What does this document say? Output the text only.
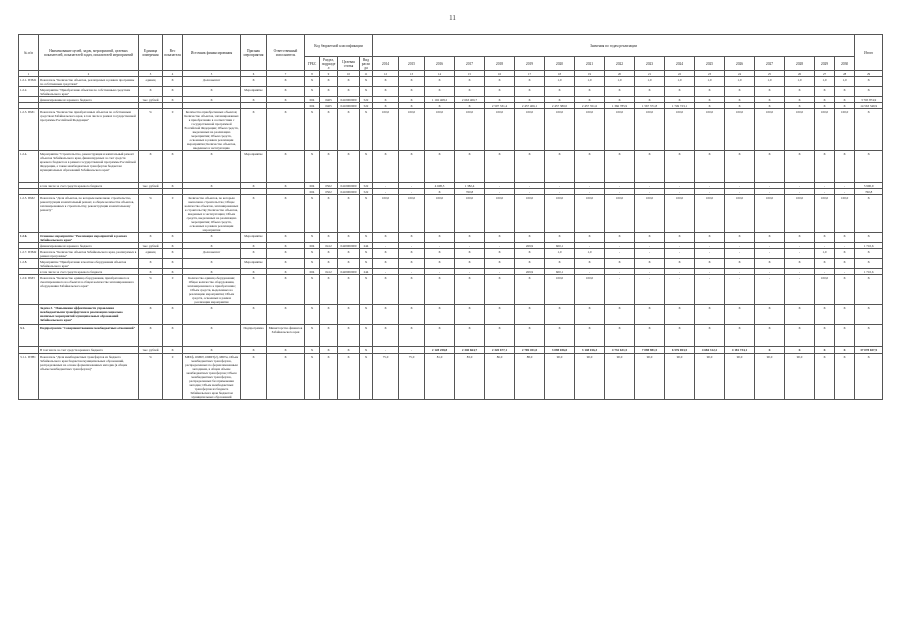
11
№ п/п	Наименование целей, задач, мероприятий, целевых показателей, показателей задач, показателей мероприятий	Единица измерения	Вес показателя	Источник финансирования	Признак мероприятия	Ответственный исполнитель	Код бюджетной классификации				Значения по годам реализации																	Итого
							ГРБС	Раздел, подраздел	Целевая статья	Вид расхода	2014	2015	2016	2017	2018	2019	2020	2021	2022	2023	2024	2025	2026	2027	2028	2029	2030	
1	2	3	4	5	6	7	8	9	10	11	12	13	14	15	16	17	18	19	20	21	22	23	24	25	26	27	28	29
1.2.1. ПЗМ1	Показатель "Количество объектов, реализуемых в рамках программы по собственным средствам"	единиц	X	Доля выплат	X	X	X	X	X	X	X	X	X	X	X	X	1,0	1,0	1,0	1,0	1,0	1,0	1,0	1,0	1,0	1,0	1,0	X
1.2.2.	Мероприятие "Приобретение объектов по собственным средствам Забайкальского края"	X	X	X	Мероприятие	X	X	X	X	X	X	X	X	X	X	X	X	X	X	X	X	X	X	X	X	X	X	X
	финансирование из краевого бюджета	тыс. рублей	X	X	X	X	004	0405	0410000000	522	X	X	1 102 468,2	2 663 406,7	X	X	X	X	X	X	X	X	X	X	X	X	X	3 765 874,9
							004	0405	0410000000	522	X	X	X	X	2 507 331,4	2 457 406,1	2 457 380,0	2 457 351,6	1 366 785,9	1 567 371,8	1 749 723,1	X	X	X	X	X	X	14 563 349,9
1.2.3. ПМ1	Показатель "Количество приобретенных объектов по собственным средствам Забайкальского края, в том числе в рамках государственной программы Российской Федерации"	%	0	Количество приобретенных объектов; Количество объектов, запланированных к приобретению в соответствии с государственной программой Российской Федерации; Объем средств, выделенных на реализацию мероприятия; Объем средств, освоенных в рамках реализации мероприятия; Количество объектов, введенных в эксплуатацию	X	X	X	X	X	X	100,0	100,0	100,0	100,0	100,0	100,0	100,0	100,0	100,0	100,0	100,0	100,0	100,0	100,0	100,0	100,0	100,0	X
1.2.4.	Мероприятие "Строительство, реконструкция и капитальный ремонт объектов Забайкальского края, финансируемых за счет средств краевого бюджета и в рамках государственной программы Российской Федерации, а также межбюджетных трансфертов бюджетам муниципальных образований Забайкальского края"	X	X	X	Мероприятие	X	X	X	X	X	X	X	X	X	X	X	X	X	X	X	X	X	X	X	X	X	X	X
	в том числе за счет средств краевого бюджета	тыс. рублей	X	X	X	X	004	0502	0410000000	522	-	-	4 608,5	1 382,4	-	-	-	-	-	-	-	-	-	-	-	-	-	5 990,9
							004	0502	0410000000	522	-	-	X	760,8	-	-	-	-	-	-	-	-	-	-	-	-	-	760,8
1.2.5. ПМ2	Показатель "Доля объектов, по которым выполнено строительство, реконструкция и капитальный ремонт, в общем количестве объектов, запланированных к строительству, реконструкции и капитальному ремонту"	%	0	Количество объектов, по которым выполнено строительство; Общее количество объектов, запланированных к строительству; Количество объектов, введенных в эксплуатацию; Объем средств, выделенных на реализацию мероприятия; Объем средств, освоенных в рамках реализации мероприятия	X	X	X	X	X	X	100,0	100,0	100,0	100,0	100,0	100,0	100,0	100,0	100,0	100,0	100,0	100,0	100,0	100,0	100,0	100,0	100,0	X
1.2.6.	Основное мероприятие "Реализация мероприятий в рамках Забайкальского края"	X	X	X	Мероприятие	X	X	X	X	X	X	X	X	X	X	X	X	X	X	X	X	X	X	X	X	X	X	X
	финансирование из краевого бюджета	тыс. рублей	X	X	X	X	004	0412	0420000000	244	-	-	-	-	-	269,9	600,1	-	-	-	-	-	-	-	-	-	-	1 710,6
1.2.7. ПЗМ2	Показатель "Количество объектов Забайкальского края, реализуемых в рамках программы"	единиц	X	Доля выплат	X	X	X	X	X	X	X	X	X	X	X	X	1,0	1,0	-	-	-	-	-	-	-	1,0	X	X
1.2.8.	Мероприятие "Приобретение и монтаж оборудования объектов Забайкальского края"	X	X	X	Мероприятие	X	X	X	X	X	X	X	X	X	X	X	X	X	X	X	X	X	X	X	X	X	X	X
	в том числе за счет средств краевого бюджета	X	X	X	X	X	004	0412	0420000000	244	-	-	-	-	-	269,9	600,1	-	-	-	-	-	-	-	-	-	-	1 710,6
1.2.9. ПМ3	Показатель "Количество единиц оборудования, приобретенного и смонтированного на объектах в общем количестве запланированного оборудования Забайкальского края"	%	0	Количество единиц оборудования; Общее количество оборудования, запланированного к приобретению; Объем средств, выделенных на реализацию мероприятия; Объем средств, освоенных в рамках реализации мероприятия	X	X	X	X	X	X	X	X	X	X	X	X	100,0	100,0	-	-	-	-	-	-	-	100,0	X	X
	Задача 3. "Повышение эффективности управления межбюджетными трансфертами и реализации социально значимых мероприятий муниципальных образований Забайкальского края"	X	X	X	X	X	X	X	X	X	X	X	X	X	X	X	X	X	X	X	X	X	X	X	X	X	X	X
3.1.	Подпрограмма "Совершенствование межбюджетных отношений"	X	X	X	Подпрограмма	Министерство финансов Забайкальского края	X	X	X	X	X	X	X	X	X	X	X	X	X	X	X	X	X	X	X	X	X	X
	В том числе за счет средств краевого бюджета	тыс. рублей	X	X	X	X	X	X	X	X	-	-	2 128 258,8	2 340 664,7	2 320 677,1	2 769 451,0	3 098 036,0	3 148 016,3	4 732 631,5	7 098 981,5	6 576 693,5	4 684 312,2	4 181 734,1	X	X	X	X	37 078 657,9
3.1.1. ПЗН1	Показатель "Доля межбюджетных трансфертов из бюджета Забайкальского края бюджетам муниципальных образований, распределяемых на основе формализованных методик (в общем объеме межбюджетных трансфертов)"	%	0	МБТф, ОМБТ, ОМБТ(2), МБТн, Объем межбюджетных трансфертов, распределенных по формализованным методикам, в общем объеме межбюджетных трансфертов; Объем межбюджетных трансфертов, распределенных без применения методик; Объем межбюджетных трансфертов из бюджета Забайкальского края бюджетам муниципальных образований	X	X	X	X	X	X	75,0	75,0	81,0	83,0	86,0	88,0	90,0	90,0	90,0	90,0	90,0	90,0	90,0	90,0	90,0	X	X	X
